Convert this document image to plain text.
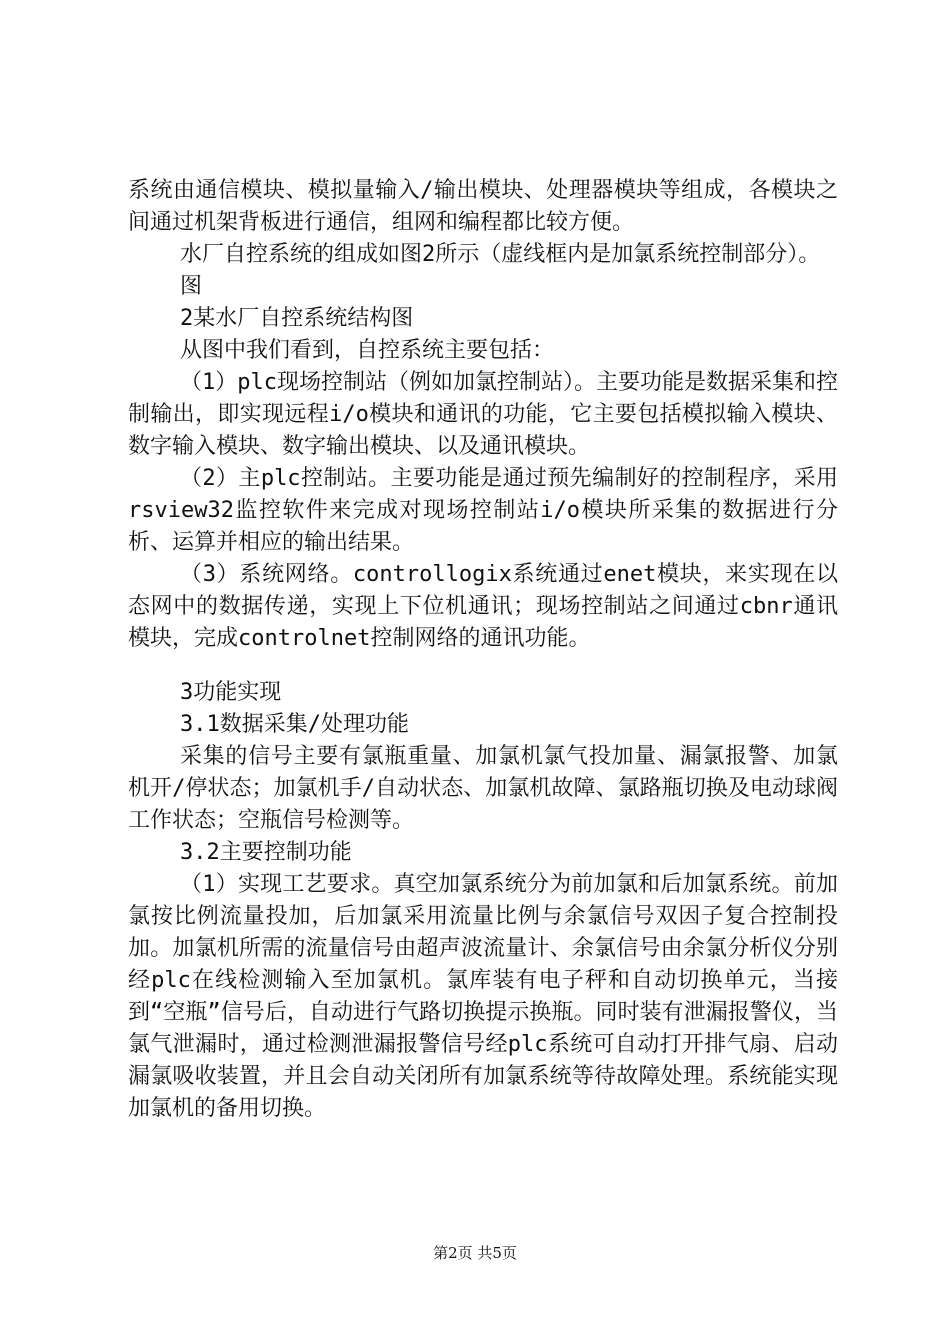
系统由通信模块、模拟量输入/输出模块、处理器模块等组成，各模块之间通过机架背板进行通信，组网和编程都比较方便。

水厂自控系统的组成如图2所示（虚线框内是加氯系统控制部分）。

图

2某水厂自控系统结构图

从图中我们看到，自控系统主要包括：

（1）plc现场控制站（例如加氯控制站）。主要功能是数据采集和控制输出，即实现远程i/o模块和通讯的功能，它主要包括模拟输入模块、数字输入模块、数字输出模块、以及通讯模块。

（2）主plc控制站。主要功能是通过预先编制好的控制程序，采用rsview32监控软件来完成对现场控制站i/o模块所采集的数据进行分析、运算并相应的输出结果。

（3）系统网络。controllogix系统通过enet模块，来实现在以态网中的数据传递，实现上下位机通讯；现场控制站之间通过cbnr通讯模块，完成controlnet控制网络的通讯功能。

3功能实现

3.1数据采集/处理功能

采集的信号主要有氯瓶重量、加氯机氯气投加量、漏氯报警、加氯机开/停状态；加氯机手/自动状态、加氯机故障、氯路瓶切换及电动球阀工作状态；空瓶信号检测等。

3.2主要控制功能

（1）实现工艺要求。真空加氯系统分为前加氯和后加氯系统。前加氯按比例流量投加，后加氯采用流量比例与余氯信号双因子复合控制投加。加氯机所需的流量信号由超声波流量计、余氯信号由余氯分析仪分别经plc在线检测输入至加氯机。氯库装有电子秤和自动切换单元，当接到“空瓶”信号后，自动进行气路切换提示换瓶。同时装有泄漏报警仪，当氯气泄漏时，通过检测泄漏报警信号经plc系统可自动打开排气扇、启动漏氯吸收装置，并且会自动关闭所有加氯系统等待故障处理。系统能实现加氯机的备用切换。

第2页 共5页
